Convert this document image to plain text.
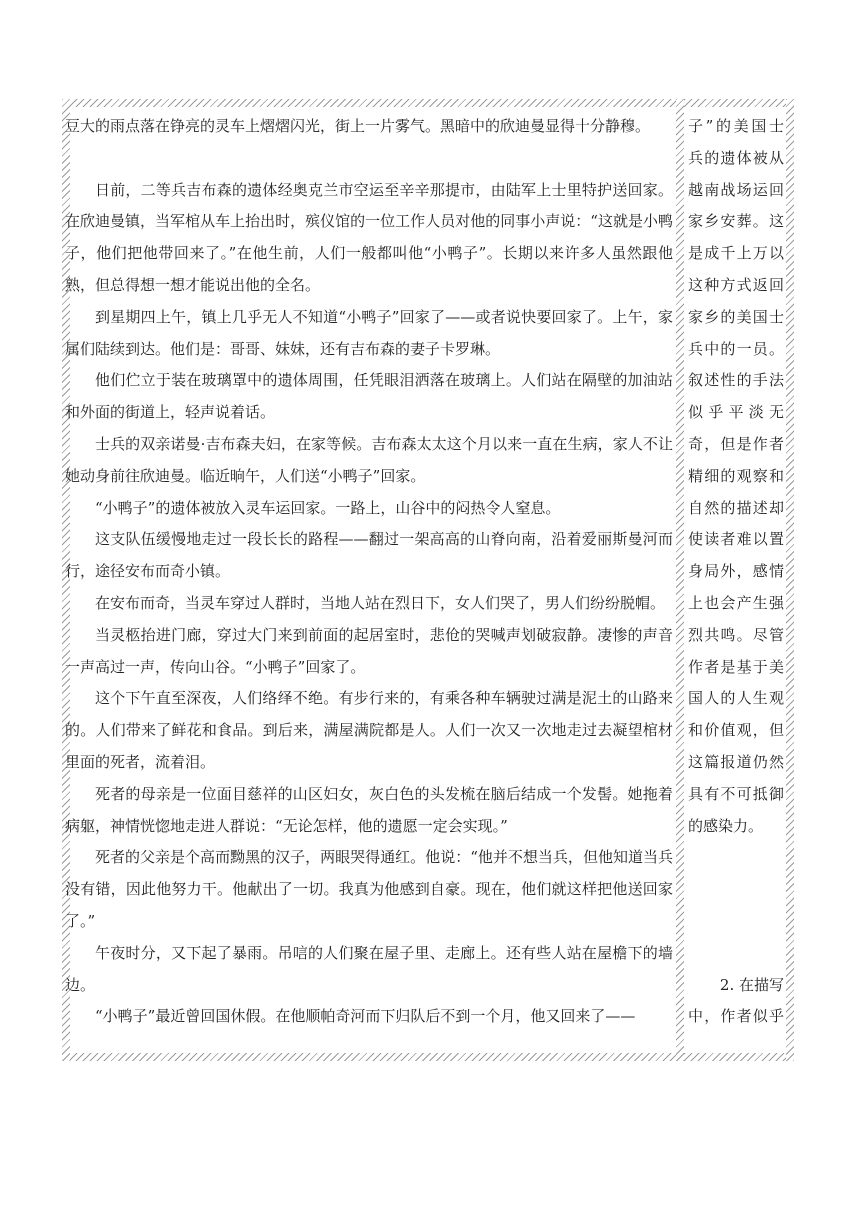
豆大的雨点落在铮亮的灵车上熠熠闪光，街上一片雾气。黑暗中的欣迪曼显得十分静穆。

日前，二等兵吉布森的遗体经奥克兰市空运至辛辛那提市，由陆军上士里特护送回家。在欣迪曼镇，当军棺从车上抬出时，殡仪馆的一位工作人员对他的同事小声说：“这就是小鸭子，他们把他带回来了。”在他生前，人们一般都叫他“小鸭子”。长期以来许多人虽然跟他熟，但总得想一想才能说出他的全名。

到星期四上午，镇上几乎无人不知道“小鸭子”回家了——或者说快要回家了。上午，家属们陆续到达。他们是：哥哥、妹妹，还有吉布森的妻子卡罗琳。

他们伫立于装在玻璃罩中的遗体周围，任凭眼泪洒落在玻璃上。人们站在隔壁的加油站和外面的街道上，轻声说着话。

士兵的双亲诺曼·吉布森夫妇，在家等候。吉布森太太这个月以来一直在生病，家人不让她动身前往欣迪曼。临近晌午，人们送“小鸭子”回家。

“小鸭子”的遗体被放入灵车运回家。一路上，山谷中的闷热令人窒息。

这支队伍缓慢地走过一段长长的路程——翻过一架高高的山脊向南，沿着爱丽斯曼河而行，途径安布而奇小镇。

在安布而奇，当灵车穿过人群时，当地人站在烈日下，女人们哭了，男人们纷纷脱帽。

当灵柩抬进门廊，穿过大门来到前面的起居室时，悲伧的哭喊声划破寂静。凄惨的声音一声高过一声，传向山谷。“小鸭子”回家了。

这个下午直至深夜，人们络绎不绝。有步行来的，有乘各种车辆驶过满是泥土的山路来的。人们带来了鲜花和食品。到后来，满屋满院都是人。人们一次又一次地走过去凝望棺材里面的死者，流着泪。

死者的母亲是一位面目慈祥的山区妇女，灰白色的头发梳在脑后结成一个发髻。她拖着病躯，神情恍惚地走进人群说：“无论怎样，他的遗愿一定会实现。”

死者的父亲是个高而黝黑的汉子，两眼哭得通红。他说：“他并不想当兵，但他知道当兵没有错，因此他努力干。他献出了一切。我真为他感到自豪。现在，他们就这样把他送回家了。”

午夜时分，又下起了暴雨。吊唁的人们聚在屋子里、走廊上。还有些人站在屋檐下的墙边。

“小鸭子”最近曾回国休假。在他顺帕奇河而下归队后不到一个月，他又回来了——

子”的美国士
兵的遗体被从
越南战场运回
家乡安葬。这
是成千上万以
这种方式返回
家乡的美国士
兵中的一员。
叙述性的手法
似乎平淡无
奇，但是作者
精细的观察和
自然的描述却
使读者难以置
身局外，感情
上也会产生强
烈共鸣。尽管
作者是基于美
国人的人生观
和价值观，但
这篇报道仍然
具有不可抵御
的感染力。
2. 在描写
中，作者似乎
